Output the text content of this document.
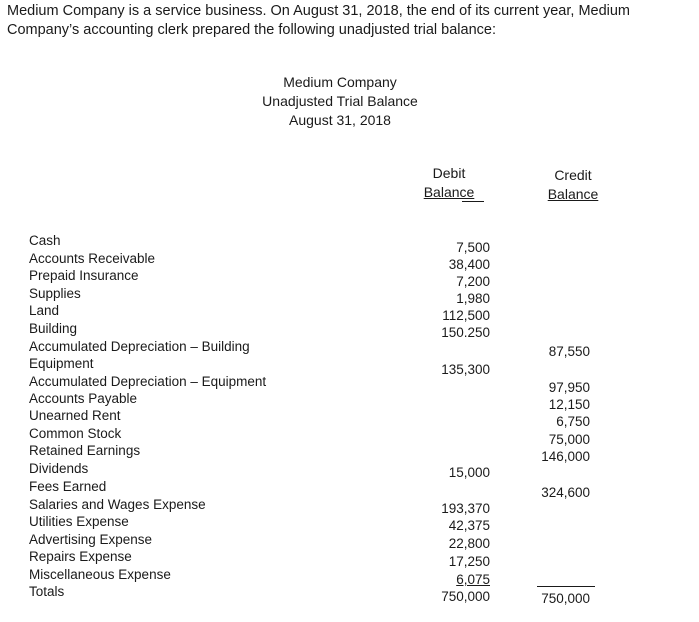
Medium Company is a service business. On August 31, 2018, the end of its current year, Medium

Company’s accounting clerk prepared the following unadjusted trial balance:

Medium Company
Unadjusted Trial Balance
August 31, 2018
Debit
Balance
Credit
Balance
Cash
Accounts Receivable
Prepaid Insurance
Supplies
Land
Building
Accumulated Depreciation – Building
Equipment
Accumulated Depreciation – Equipment
Accounts Payable
Unearned Rent
Common Stock
Retained Earnings
Dividends
Fees Earned
Salaries and Wages Expense
Utilities Expense
Advertising Expense
Repairs Expense
Miscellaneous Expense
Totals
7,500
38,400
7,200
1,980
112,500
150.250
135,300
15,000
193,370
42,375
22,800
17,250
6,075
750,000
87,550
97,950
12,150
6,750
75,000
146,000
324,600
750,000
